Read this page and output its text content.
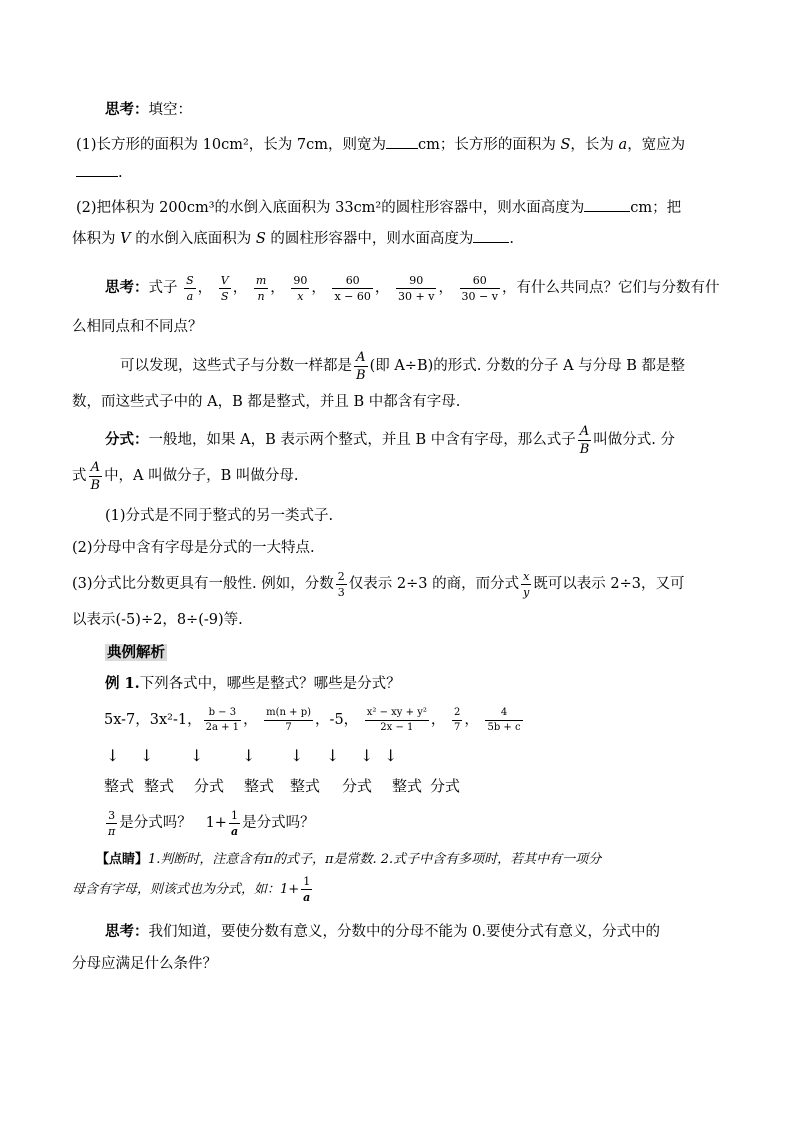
思考：填空：
(1)长方形的面积为 10cm²，长为 7cm，则宽为 cm；长方形的面积为 S，长为 a，宽应为
.
(2)把体积为 200cm³的水倒入底面积为 33cm²的圆柱形容器中，则水面高度为	cm；把
体积为 V 的水倒入底面积为 S 的圆柱形容器中，则水面高度为 .
思考：式子 $\frac{S}{a}$ ， $\frac{V}{S}$ ， $\frac{m}{n}$ ， $\frac{90}{x}$ ， $\frac{60}{x - 60}$ ， $\frac{90}{30 + v}$ ， $\frac{60}{30 - v}$ ，有什么共同点？它们与分数有什
么相同点和不同点？
可以发现，这些式子与分数一样都是 $\frac{A}{B}$ (即 A÷B)的形式. 分数的分子 A 与分母 B 都是整
数，而这些式子中的 A，B 都是整式，并且 B 中都含有字母.
分式：一般地，如果 A，B 表示两个整式，并且 B 中含有字母，那么式子 $\frac{A}{B}$ 叫做分式. 分
式 $\frac{A}{B}$ 中，A 叫做分子，B 叫做分母.
(1)分式是不同于整式的另一类式子.
(2)分母中含有字母是分式的一大特点.
(3)分式比分数更具有一般性. 例如，分数 $\frac{2}{3}$ 仅表示 2÷3 的商，而分式 $\frac{x}{y}$ 既可以表示 2÷3，又可
以表示(-5)÷2，8÷(-9)等.
典例解析
例 1.下列各式中，哪些是整式？哪些是分式？
5x-7，3x²-1， $\frac{b - 3}{2a + 1}$ ， $\frac{m(n + p)}{7}$ ，-5， $\frac{\text{x² − xy + y²}}{2x - 1}$ ， $\frac{2}{7}$ ， $\frac{4}{5b + c}$
↓ ↓ ↓ ↓ ↓ ↓ ↓ ↓
整式 整式 分式 整式 整式 分式 整式 分式
$\frac{3}{\pi}$ 是分式吗？ $1+ \frac{1}{a}$ 是分式吗？
【点睛】1.判断时，注意含有π的式子，π是常数. 2.式子中含有多项时，若其中有一项分
母含有字母，则该式也为分式，如：$1+ \frac{1}{a}$
思考：我们知道，要使分数有意义，分数中的分母不能为 0.要使分式有意义，分式中的
分母应满足什么条件？
